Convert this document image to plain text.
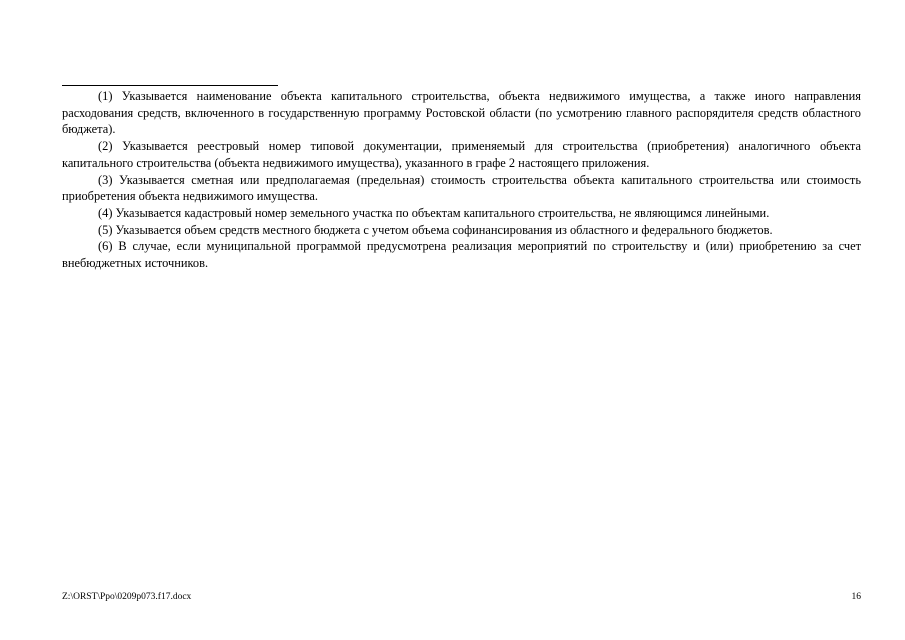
(1) Указывается наименование объекта капитального строительства, объекта недвижимого имущества, а также иного направления расходования средств, включенного в государственную программу Ростовской области (по усмотрению главного распорядителя средств областного бюджета).

(2) Указывается реестровый номер типовой документации, применяемый для строительства (приобретения) аналогичного объекта капитального строительства (объекта недвижимого имущества), указанного в графе 2 настоящего приложения.

(3) Указывается сметная или предполагаемая (предельная) стоимость строительства объекта капитального строительства или стоимость приобретения объекта недвижимого имущества.

(4) Указывается кадастровый номер земельного участка по объектам капитального строительства, не являющимся линейными.

(5) Указывается объем средств местного бюджета с учетом объема софинансирования из областного и федерального бюджетов.

(6) В случае, если муниципальной программой предусмотрена реализация мероприятий по строительству и (или) приобретению за счет внебюджетных источников.

Z:\ORST\Ppo\0209p073.f17.docx	16
